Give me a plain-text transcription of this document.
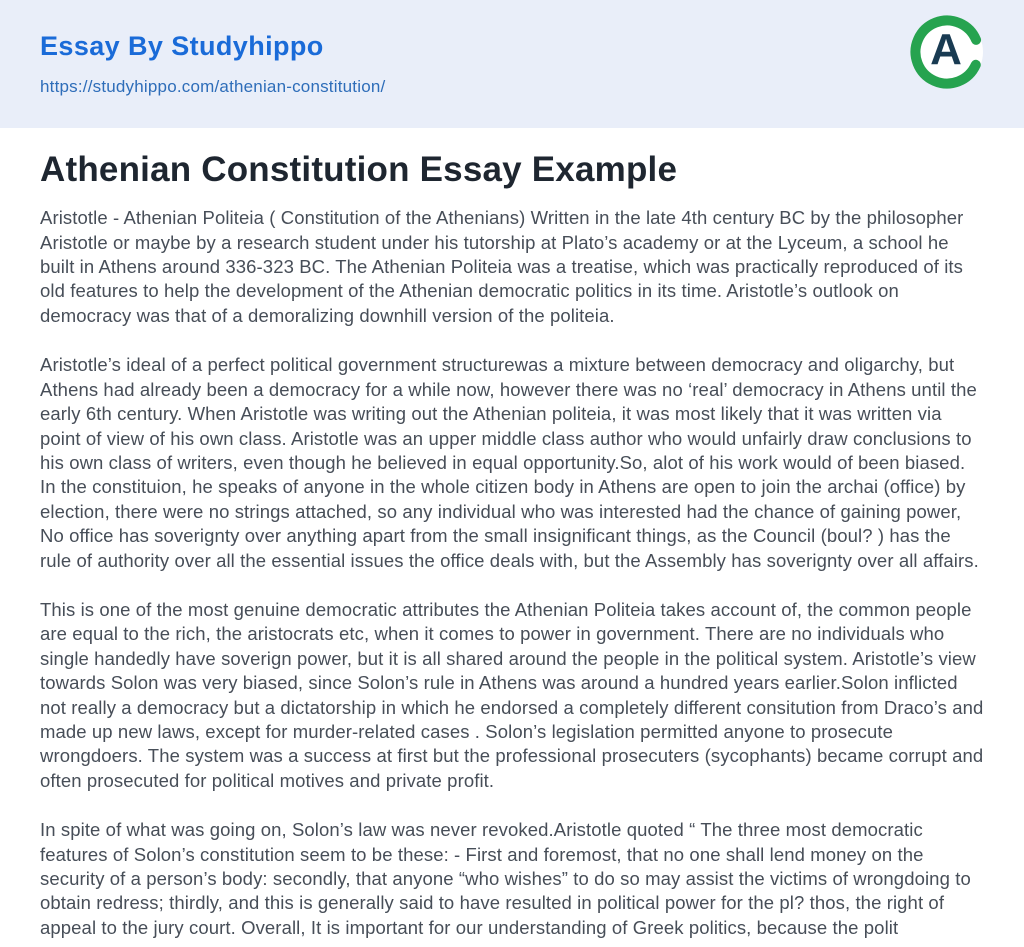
Essay By Studyhippo
https://studyhippo.com/athenian-constitution/
A
Athenian Constitution Essay Example

Aristotle - Athenian Politeia ( Constitution of the Athenians) Written in the late 4th century BC by the philosopher Aristotle or maybe by a research student under his tutorship at Plato’s academy or at the Lyceum, a school he built in Athens around 336-323 BC. The Athenian Politeia was a treatise, which was practically reproduced of its old features to help the development of the Athenian democratic politics in its time. Aristotle’s outlook on democracy was that of a demoralizing downhill version of the politeia.

Aristotle’s ideal of a perfect political government structurewas a mixture between democracy and oligarchy, but Athens had already been a democracy for a while now, however there was no ‘real’ democracy in Athens until the early 6th century. When Aristotle was writing out the Athenian politeia, it was most likely that it was written via point of view of his own class. Aristotle was an upper middle class author who would unfairly draw conclusions to his own class of writers, even though he believed in equal opportunity.So, alot of his work would of been biased. In the constituion, he speaks of anyone in the whole citizen body in Athens are open to join the archai (office) by election, there were no strings attached, so any individual who was interested had the chance of gaining power, No office has soverignty over anything apart from the small insignificant things, as the Council (boul? ) has the rule of authority over all the essential issues the office deals with, but the Assembly has soverignty over all affairs.

This is one of the most genuine democratic attributes the Athenian Politeia takes account of, the common people are equal to the rich, the aristocrats etc, when it comes to power in government. There are no individuals who single handedly have soverign power, but it is all shared around the people in the political system. Aristotle’s view towards Solon was very biased, since Solon’s rule in Athens was around a hundred years earlier.Solon inflicted not really a democracy but a dictatorship in which he endorsed a completely different consitution from Draco’s and made up new laws, except for murder-related cases . Solon’s legislation permitted anyone to prosecute wrongdoers. The system was a success at first but the professional prosecuters (sycophants) became corrupt and often prosecuted for political motives and private profit.

In spite of what was going on, Solon’s law was never revoked.Aristotle quoted “ The three most democratic features of Solon’s constitution seem to be these: - First and foremost, that no one shall lend money on the security of a person’s body: secondly, that anyone “who wishes” to do so may assist the victims of wrongdoing to obtain redress; thirdly, and this is generally said to have resulted in political power for the pl? thos, the right of appeal to the jury court. Overall, It is important for our understanding of Greek politics, because the polit
